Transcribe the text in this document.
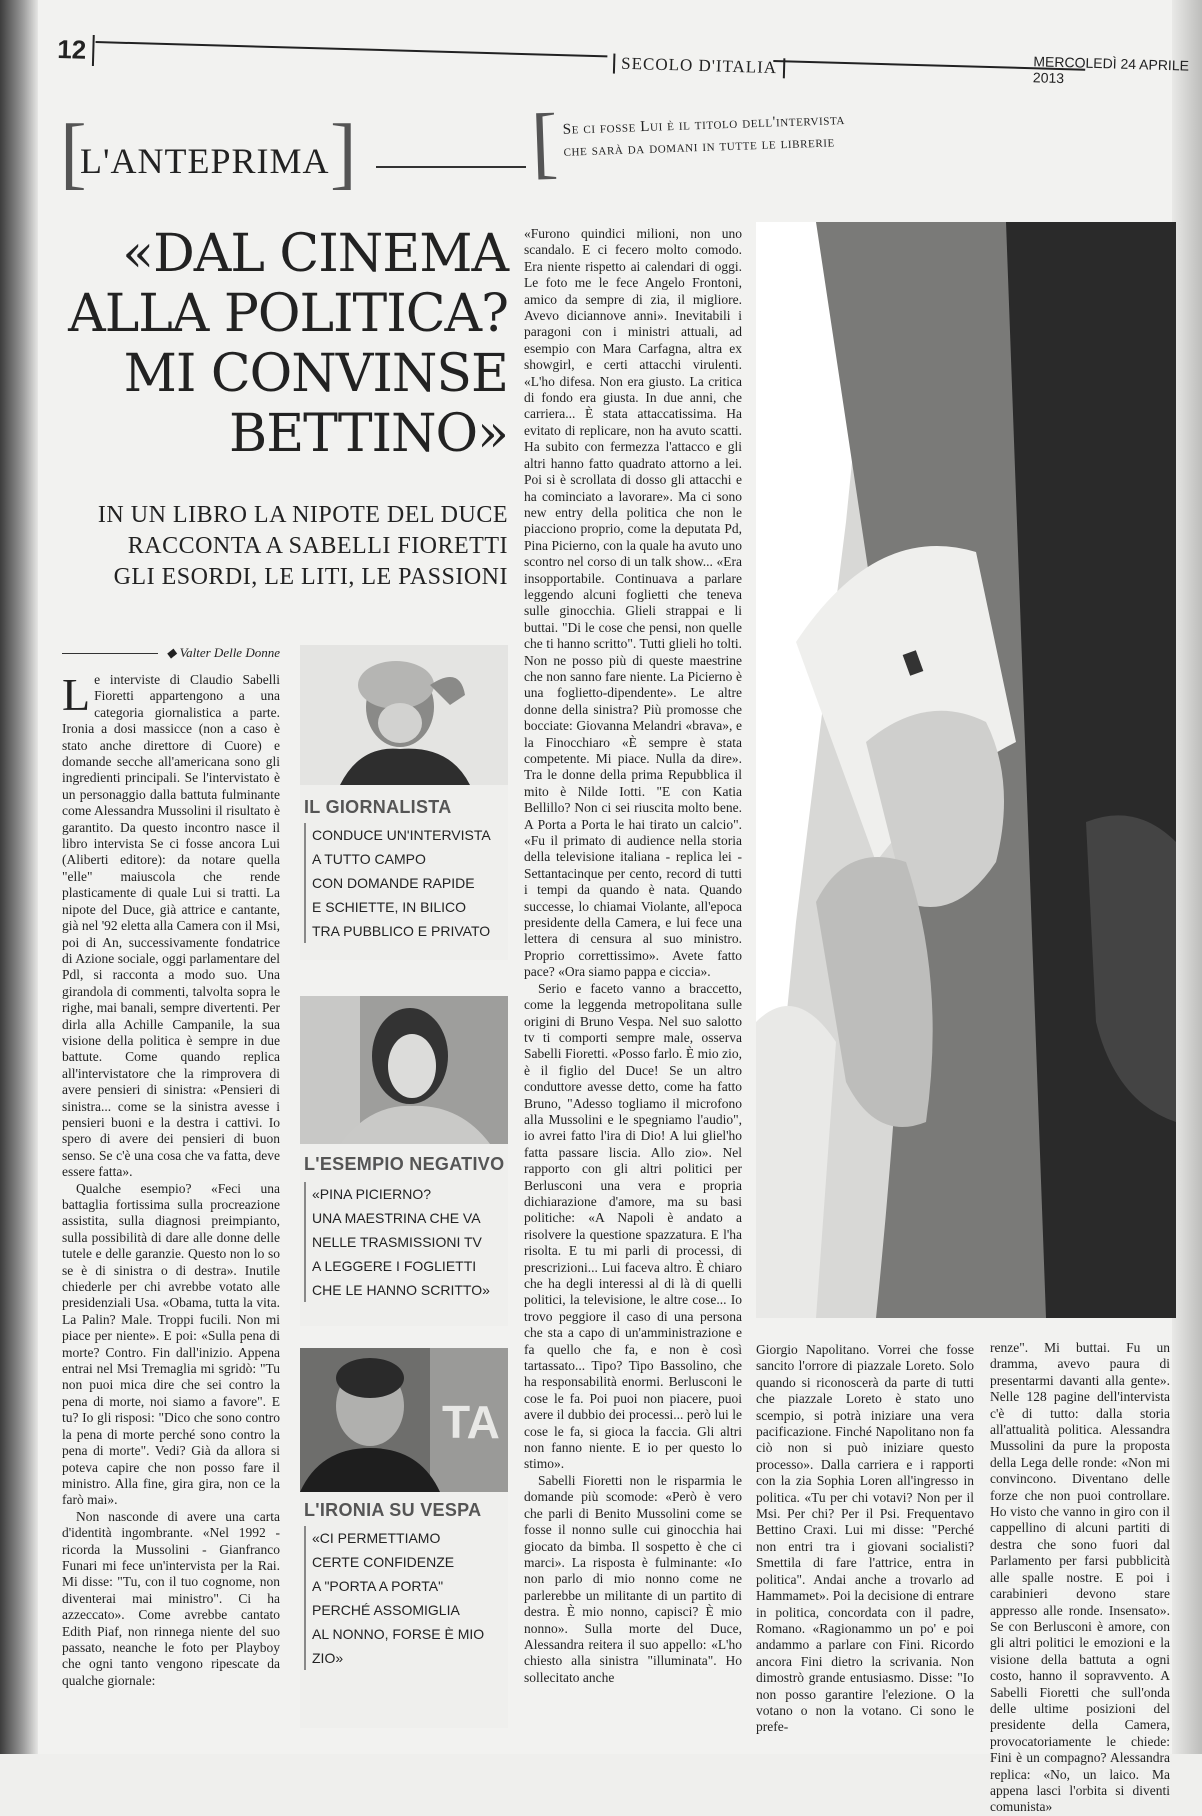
12
SECOLO D'ITALIA	MERCOLEDÌ 24 APRILE 2013
[
L'ANTEPRIMA ] [ Se ci fosse Lui è il titolo dell'intervista
che sarà da domani in tutte le librerie
«DAL CINEMA
ALLA POLITICA?
MI CONVINSE
BETTINO»
IN UN LIBRO LA NIPOTE DEL DUCE
RACCONTA A SABELLI FIORETTI
GLI ESORDI, LE LITI, LE PASSIONI
◆ Valter Delle Donne

Le interviste di Claudio Sabelli Fioretti appartengono a una categoria giornalistica a parte. Ironia a dosi massicce (non a caso è stato anche direttore di Cuore) e domande secche all'americana sono gli ingredienti principali. Se l'intervistato è un personaggio dalla battuta fulminante come Alessandra Mussolini il risultato è garantito. Da questo incontro nasce il libro intervista Se ci fosse ancora Lui (Aliberti editore): da notare quella "elle" maiuscola che rende plasticamente di quale Lui si tratti. La nipote del Duce, già attrice e cantante, già nel '92 eletta alla Camera con il Msi, poi di An, successivamente fondatrice di Azione sociale, oggi parlamentare del Pdl, si racconta a modo suo. Una girandola di commenti, talvolta sopra le righe, mai banali, sempre divertenti. Per dirla alla Achille Campanile, la sua visione della politica è sempre in due battute. Come quando replica all'intervistatore che la rimprovera di avere pensieri di sinistra: «Pensieri di sinistra... come se la sinistra avesse i pensieri buoni e la destra i cattivi. Io spero di avere dei pensieri di buon senso. Se c'è una cosa che va fatta, deve essere fatta».

Qualche esempio? «Feci una battaglia fortissima sulla procreazione assistita, sulla diagnosi preimpianto, sulla possibilità di dare alle donne delle tutele e delle garanzie. Questo non lo so se è di sinistra o di destra». Inutile chiederle per chi avrebbe votato alle presidenziali Usa. «Obama, tutta la vita. La Palin? Male. Troppi fucili. Non mi piace per niente». E poi: «Sulla pena di morte? Contro. Fin dall'inizio. Appena entrai nel Msi Tremaglia mi sgridò: "Tu non puoi mica dire che sei contro la pena di morte, noi siamo a favore". E tu? Io gli risposi: "Dico che sono contro la pena di morte perché sono contro la pena di morte". Vedi? Già da allora si poteva capire che non posso fare il ministro. Alla fine, gira gira, non ce la farò mai».

Non nasconde di avere una carta d'identità ingombrante. «Nel 1992 - ricorda la Mussolini - Gianfranco Funari mi fece un'intervista per la Rai. Mi disse: "Tu, con il tuo cognome, non diventerai mai ministro". Ci ha azzeccato». Come avrebbe cantato Edith Piaf, non rinnega niente del suo passato, neanche le foto per Playboy che ogni tanto vengono ripescate da qualche giornale:

IL GIORNALISTA
CONDUCE UN'INTERVISTA
A TUTTO CAMPO
CON DOMANDE RAPIDE
E SCHIETTE, IN BILICO
TRA PUBBLICO E PRIVATO
L'ESEMPIO NEGATIVO
«PINA PICIERNO?
UNA MAESTRINA CHE VA
NELLE TRASMISSIONI TV
A LEGGERE I FOGLIETTI
CHE LE HANNO SCRITTO»
TA
L'IRONIA SU VESPA
«CI PERMETTIAMO
CERTE CONFIDENZE
A "PORTA A PORTA"
PERCHÉ ASSOMIGLIA
AL NONNO, FORSE È MIO ZIO»

«Furono quindici milioni, non uno scandalo. E ci fecero molto comodo. Era niente rispetto ai calendari di oggi. Le foto me le fece Angelo Frontoni, amico da sempre di zia, il migliore. Avevo diciannove anni». Inevitabili i paragoni con i ministri attuali, ad esempio con Mara Carfagna, altra ex showgirl, e certi attacchi virulenti. «L'ho difesa. Non era giusto. La critica di fondo era giusta. In due anni, che carriera... È stata attaccatissima. Ha evitato di replicare, non ha avuto scatti. Ha subito con fermezza l'attacco e gli altri hanno fatto quadrato attorno a lei. Poi si è scrollata di dosso gli attacchi e ha cominciato a lavorare». Ma ci sono new entry della politica che non le piacciono proprio, come la deputata Pd, Pina Picierno, con la quale ha avuto uno scontro nel corso di un talk show... «Era insopportabile. Continuava a parlare leggendo alcuni foglietti che teneva sulle ginocchia. Glieli strappai e li buttai. "Di le cose che pensi, non quelle che ti hanno scritto". Tutti glieli ho tolti. Non ne posso più di queste maestrine che non sanno fare niente. La Picierno è una foglietto-dipendente». Le altre donne della sinistra? Più promosse che bocciate: Giovanna Melandri «brava», e la Finocchiaro «È sempre è stata competente. Mi piace. Nulla da dire». Tra le donne della prima Repubblica il mito è Nilde Iotti. "E con Katia Bellillo? Non ci sei riuscita molto bene. A Porta a Porta le hai tirato un calcio". «Fu il primato di audience nella storia della televisione italiana - replica lei - Settantacinque per cento, record di tutti i tempi da quando è nata. Quando successe, lo chiamai Violante, all'epoca presidente della Camera, e lui fece una lettera di censura al suo ministro. Proprio correttissimo». Avete fatto pace? «Ora siamo pappa e ciccia».

Serio e faceto vanno a braccetto, come la leggenda metropolitana sulle origini di Bruno Vespa. Nel suo salotto tv ti comporti sempre male, osserva Sabelli Fioretti. «Posso farlo. È mio zio, è il figlio del Duce! Se un altro conduttore avesse detto, come ha fatto Bruno, "Adesso togliamo il microfono alla Mussolini e le spegniamo l'audio", io avrei fatto l'ira di Dio! A lui gliel'ho fatta passare liscia. Allo zio». Nel rapporto con gli altri politici per Berlusconi una vera e propria dichiarazione d'amore, ma su basi politiche: «A Napoli è andato a risolvere la questione spazzatura. E l'ha risolta. E tu mi parli di processi, di prescrizioni... Lui faceva altro. È chiaro che ha degli interessi al di là di quelli politici, la televisione, le altre cose... Io trovo peggiore il caso di una persona che sta a capo di un'amministrazione e fa quello che fa, e non è così tartassato... Tipo? Tipo Bassolino, che ha responsabilità enormi. Berlusconi le cose le fa. Poi puoi non piacere, puoi avere il dubbio dei processi... però lui le cose le fa, si gioca la faccia. Gli altri non fanno niente. E io per questo lo stimo».

Sabelli Fioretti non le risparmia le domande più scomode: «Però è vero che parli di Benito Mussolini come se fosse il nonno sulle cui ginocchia hai giocato da bimba. Il sospetto è che ci marci». La risposta è fulminante: «Io non parlo di mio nonno come ne parlerebbe un militante di un partito di destra. È mio nonno, capisci? È mio nonno». Sulla morte del Duce, Alessandra reitera il suo appello: «L'ho chiesto alla sinistra "illuminata". Ho sollecitato anche

Giorgio Napolitano. Vorrei che fosse sancito l'orrore di piazzale Loreto. Solo quando si riconoscerà da parte di tutti che piazzale Loreto è stato uno scempio, si potrà iniziare una vera pacificazione. Finché Napolitano non fa ciò non si può iniziare questo processo». Dalla carriera e i rapporti con la zia Sophia Loren all'ingresso in politica. «Tu per chi votavi? Non per il Msi. Per chi? Per il Psi. Frequentavo Bettino Craxi. Lui mi disse: "Perché non entri tra i giovani socialisti? Smettila di fare l'attrice, entra in politica". Andai anche a trovarlo ad Hammamet». Poi la decisione di entrare in politica, concordata con il padre, Romano. «Ragionammo un po' e poi andammo a parlare con Fini. Ricordo ancora Fini dietro la scrivania. Non dimostrò grande entusiasmo. Disse: "Io non posso garantire l'elezione. O la votano o non la votano. Ci sono le prefe-

renze". Mi buttai. Fu un dramma, avevo paura di presentarmi davanti alla gente». Nelle 128 pagine dell'intervista c'è di tutto: dalla storia all'attualità politica. Alessandra Mussolini da pure la proposta della Lega delle ronde: «Non mi convincono. Diventano delle forze che non puoi controllare. Ho visto che vanno in giro con il cappellino di alcuni partiti di destra che sono fuori dal Parlamento per farsi pubblicità alle spalle nostre. E poi i carabinieri devono stare appresso alle ronde. Insensato». Se con Berlusconi è amore, con gli altri politici le emozioni e la visione della battuta a ogni costo, hanno il sopravvento. A Sabelli Fioretti che sull'onda delle ultime posizioni del presidente della Camera, provocatoriamente le chiede: Fini è un compagno? Alessandra replica: «No, un laico. Ma appena lasci l'orbita si diventi comunista»
